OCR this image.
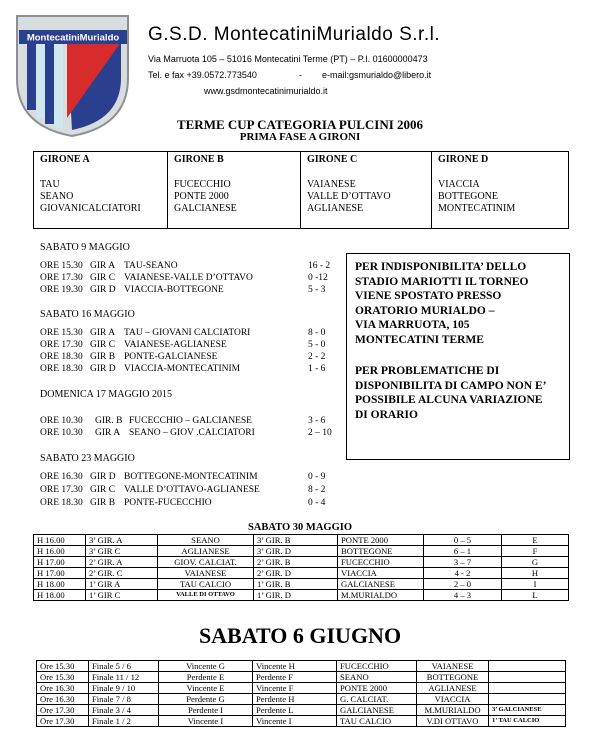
MontecatiniMurialdo G.S.D. MontecatiniMurialdo S.r.l.
Via Marruota 105 – 51016 Montecatini Terme (PT) – P.I. 01600000473
Tel. e fax +39.0572.773540	- e-mail:gsmurialdo@libero.it
www.gsdmontecatinimurialdo.it
TERME CUP CATEGORIA PULCINI 2006
PRIMA FASE A GIRONI
GIRONE A
TAU
SEANO
GIOVANICALCIATORI

GIRONE B
FUCECCHIO
PONTE 2000
GALCIANESE

GIRONE C
VAIANESE
VALLE D’OTTAVO
AGLIANESE

GIRONE D
VIACCIA
BOTTEGONE
MONTECATINIM
SABATO 9 MAGGIO
ORE 15.30 GIR A TAU-SEANO	16 - 2
ORE 17.30 GIR C VAIANESE-VALLE D’OTTAVO	0 -12
ORE 19.30 GIR D VIACCIA-BOTTEGONE	5 - 3
SABATO 16 MAGGIO
ORE 15.30 GIR A TAU – GIOVANI CALCIATORI	8 - 0
ORE 17.30 GIR C VAIANESE-AGLIANESE	5 - 0
ORE 18.30 GIR B PONTE-GALCIANESE	2 - 2
ORE 18.30 GIR D VIACCIA-MONTECATINIM	1 - 6
DOMENICA 17 MAGGIO 2015
ORE 10.30 GIR. B FUCECCHIO – GALCIANESE	3 - 6
ORE 10.30 GIR A SEANO – GIOV .CALCIATORI	2 – 10
SABATO 23 MAGGIO
ORE 16.30 GIR D BOTTEGONE-MONTECATINIM	0 - 9
ORE 17.30 GIR C VALLE D’OTTAVO-AGLIANESE	8 - 2
ORE 18.30 GIR B PONTE-FUCECCHIO	0 - 4

PER INDISPONIBILITA’ DELLO

STADIO MARIOTTI IL TORNEO

VIENE SPOSTATO PRESSO

ORATORIO MURIALDO –

VIA MARRUOTA, 105

MONTECATINI TERME

PER PROBLEMATICHE DI

DISPONIBILITA DI CAMPO NON E’

POSSIBILE ALCUNA VARIAZIONE

DI ORARIO

SABATO 30 MAGGIO
H 16.00	3’ GIR. A	SEANO	3’ GIR. B	PONTE 2000	0 – 5	E
H 16.00	3’ GIR C	AGLIANESE	3’ GIR. D	BOTTEGONE	6 – 1	F
H 17.00	2’ GIR. A	GIOV. CALCIAT.	2’ GIR. B	FUCECCHIO	3 – 7	G
H 17.00	2’ GIR. C	VAIANESE	2’ GIR. D	VIACCIA	4 - 2	H
H 18.00	1’ GIR A	TAU CALCIO	1’ GIR. B	GALCIANESE	2 – 0	I
H 18.00	1’ GIR C	VALLE DI OTTAVO	1’ GIR. D	M.MURIALDO	4 – 3	L
SABATO 6 GIUGNO
Ore 15.30	Finale 5 / 6	Vincente G	Vincente H	FUCECCHIO	VAIANESE	
Ore 15.30	Finale 11 / 12	Perdente E	Perdente F	SEANO	BOTTEGONE	
Ore 16.30	Finale 9 / 10	Vincente E	Vincente F	PONTE 2000	AGLIANESE	
Ore 16.30	Finale 7 / 8	Perdente G	Perdente H	G. CALCIAT.	VIACCIA	
Ore 17.30	Finale 3 / 4	Perdente I	Perdente L	GALCIANESE	M.MURIALDO	3’ GALCIANESE
Ore 17.30	Finale 1 / 2	Vincente I	Vincente I	TAU CALCIO	V.DI OTTAVO	1’ TAU CALCIO
